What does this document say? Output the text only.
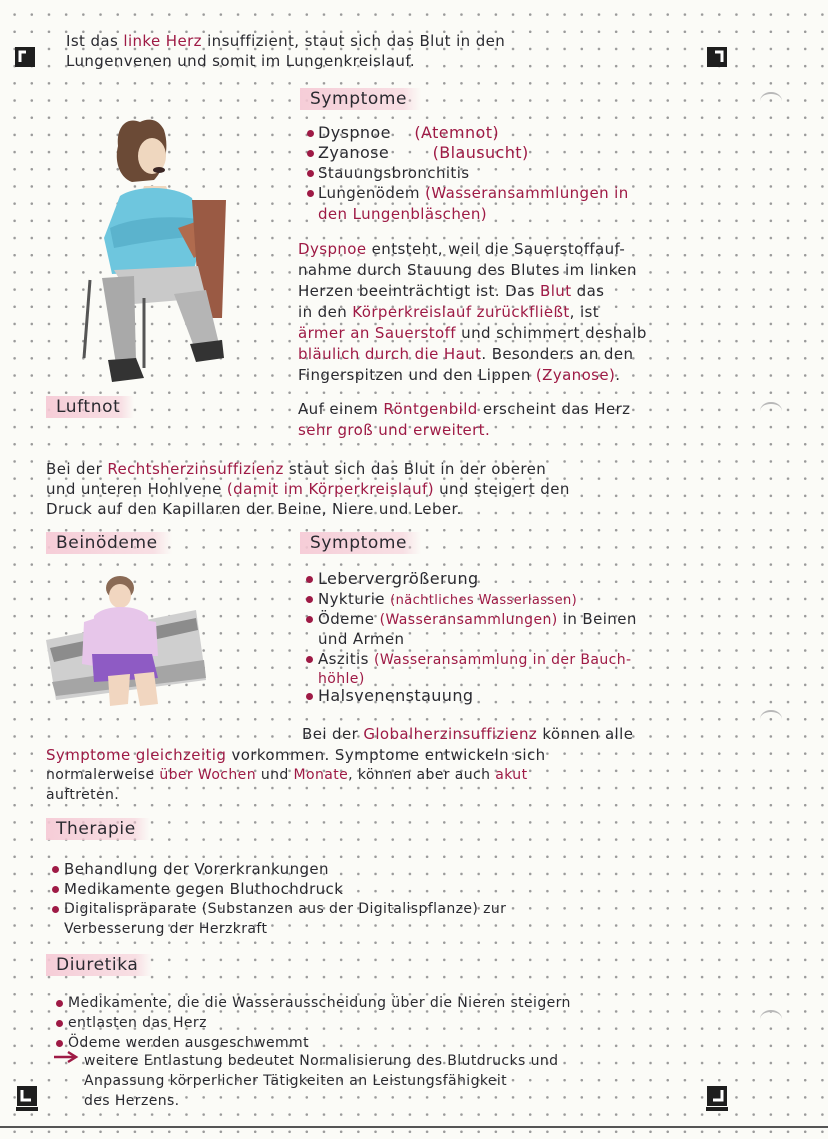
Ist das linke Herz insuffizient, staut sich das Blut in den
Lungenvenen und somit im Lungenkreislauf.
Symptome
Dyspnoe (Atemnot)
Zyanose	(Blausucht)
Stauungsbronchitis
Lungenödem (Wasseransammlungen in
den Lungenbläschen)
Dyspnoe entsteht, weil die Sauerstoffauf-
nahme durch Stauung des Blutes im linken
Herzen beeinträchtigt ist. Das Blut das
in den Körperkreislauf zurückfließt, ist
ärmer an Sauerstoff und schimmert deshalb
bläulich durch die Haut. Besonders an den
Fingerspitzen und den Lippen (Zyanose).
Luftnot	Auf einem Röntgenbild erscheint das Herz
sehr groß und erweitert.
Bei der Rechtsherzinsuffizienz staut sich das Blut in der oberen
und unteren Hohlvene (damit im Körperkreislauf) und steigert den
Druck auf den Kapillaren der Beine, Niere und Leber.
Beinödeme	Symptome
Lebervergrößerung
Nykturie (nächtliches Wasserlassen)
Ödeme (Wasseransammlungen) in Beinen
und Armen
Aszitis (Wasseransammlung in der Bauch-
höhle)
Halsvenenstauung
Bei der Globalherzinsuffizienz können alle
Symptome gleichzeitig vorkommen. Symptome entwickeln sich
normalerweise über Wochen und Monate, können aber auch akut
auftreten.
Therapie
Behandlung der Vorerkrankungen
Medikamente gegen Bluthochdruck
Digitalispräparate (Substanzen aus der Digitalispflanze) zur
Verbesserung der Herzkraft
Diuretika
Medikamente, die die Wasserausscheidung über die Nieren steigern
entlasten das Herz
Ödeme werden ausgeschwemmt
weitere Entlastung bedeutet Normalisierung des Blutdrucks und
Anpassung körperlicher Tätigkeiten an Leistungsfähigkeit
des Herzens.
